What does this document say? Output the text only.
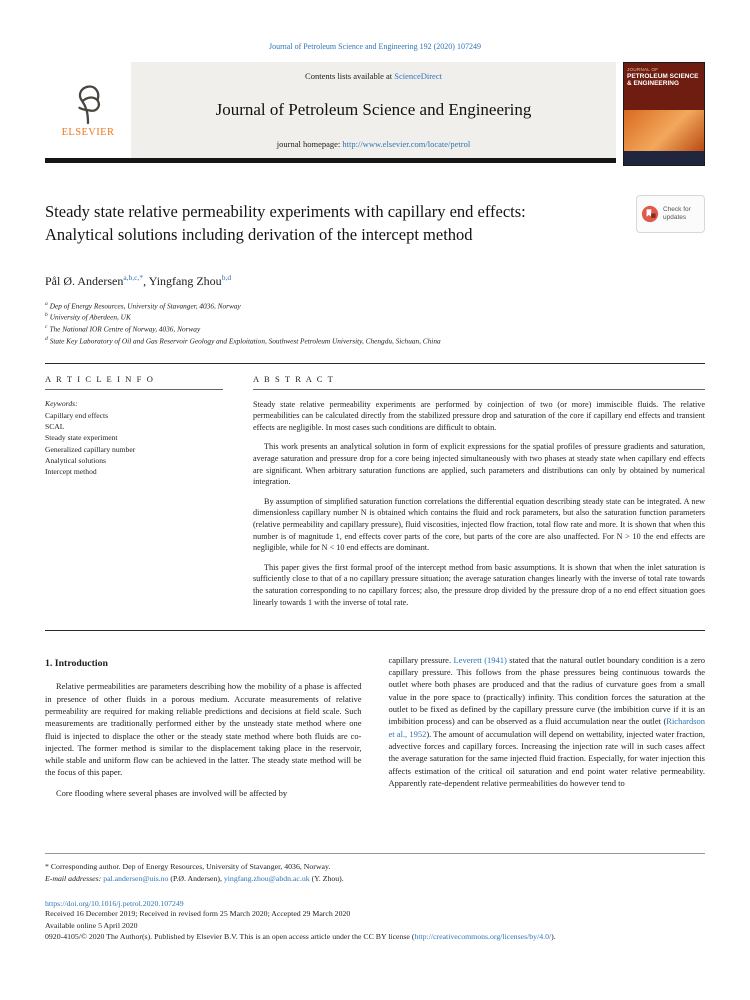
Journal of Petroleum Science and Engineering 192 (2020) 107249
ELSEVIER
Contents lists available at ScienceDirect
Journal of Petroleum Science and Engineering
journal homepage: http://www.elsevier.com/locate/petrol
JOURNAL OF
PETROLEUM SCIENCE & ENGINEERING
Steady state relative permeability experiments with capillary end effects:
Analytical solutions including derivation of the intercept method
Check for updates
Pål Ø. Andersen$^{a,b,c,*}$, Yingfang Zhou$^{b,d}$
$^a$ Dep of Energy Resources, University of Stavanger, 4036, Norway
$^b$ University of Aberdeen, UK
$^c$ The National IOR Centre of Norway, 4036, Norway
$^d$ State Key Laboratory of Oil and Gas Reservoir Geology and Exploitation, Southwest Petroleum University, Chengdu, Sichuan, China
A R T I C L E I N F O
Keywords:
Capillary end effects
SCAL
Steady state experiment
Generalized capillary number
Analytical solutions
Intercept method
A B S T R A C T

Steady state relative permeability experiments are performed by coinjection of two (or more) immiscible fluids. The relative permeabilities can be calculated directly from the stabilized pressure drop and saturation of the core if capillary end effects and transient effects are negligible. In most cases such conditions are difficult to obtain.

This work presents an analytical solution in form of explicit expressions for the spatial profiles of pressure gradients and saturation, average saturation and pressure drop for a core being injected simultaneously with two phases at steady state when capillary end effects are significant. When arbitrary saturation functions are applied, such parameters and distributions can only by obtained by numerical integration.

By assumption of simplified saturation function correlations the differential equation describing steady state can be integrated. A new dimensionless capillary number N is obtained which contains the fluid and rock parameters, but also the saturation function parameters (relative permeability and capillary pressure), fluid viscosities, injected flow fraction, total flow rate and more. It is shown that when this number is of magnitude 1, end effects cover parts of the core, but parts of the core are also unaffected. For N > 10 the end effects are negligible, while for N < 10 end effects are dominant.

This paper gives the first formal proof of the intercept method from basic assumptions. It is shown that when the inlet saturation is sufficiently close to that of a no capillary pressure situation; the average saturation changes linearly with the inverse of total rate towards the saturation corresponding to no capillary forces; also, the pressure drop divided by the pressure drop of a no end effect situation goes linearly towards 1 with the inverse of total rate.

1. Introduction

Relative permeabilities are parameters describing how the mobility of a phase is affected in presence of other fluids in a porous medium. Accurate measurements of relative permeability are required for making reliable predictions and decisions at field scale. Such measurements are traditionally performed either by the unsteady state method where one fluid is injected to displace the other or the steady state method where both fluids are co-injected. The former method is similar to the displacement taking place in the reservoir, while stable and uniform flow can be achieved in the latter. The steady state method will be the focus of this paper.

Core flooding where several phases are involved will be affected by

capillary pressure. Leverett (1941) stated that the natural outlet boundary condition is a zero capillary pressure. This follows from the phase pressures being continuous towards the outlet where both phases are produced and that the radius of curvature goes from a small value in the pore space to (practically) infinity. This condition forces the saturation at the outlet to be fixed as defined by the capillary pressure curve (the imbibition curve if it is an imbibition process) and can be observed as a fluid accumulation near the outlet (Richardson et al., 1952). The amount of accumulation will depend on wettability, injected water fraction, advective forces and capillary forces. Increasing the injection rate will in such cases affect the average saturation for the same injected fluid fraction. Especially, for water injection this affects estimation of the critical oil saturation and end point water relative permeability. Apparently rate-dependent relative permeabilities do however tend to

* Corresponding author. Dep of Energy Resources, University of Stavanger, 4036, Norway.
E-mail addresses: pal.andersen@uis.no (P.Ø. Andersen), yingfang.zhou@abdn.ac.uk (Y. Zhou).
https://doi.org/10.1016/j.petrol.2020.107249
Received 16 December 2019; Received in revised form 25 March 2020; Accepted 29 March 2020
Available online 5 April 2020
0920-4105/© 2020 The Author(s). Published by Elsevier B.V. This is an open access article under the CC BY license (http://creativecommons.org/licenses/by/4.0/).
